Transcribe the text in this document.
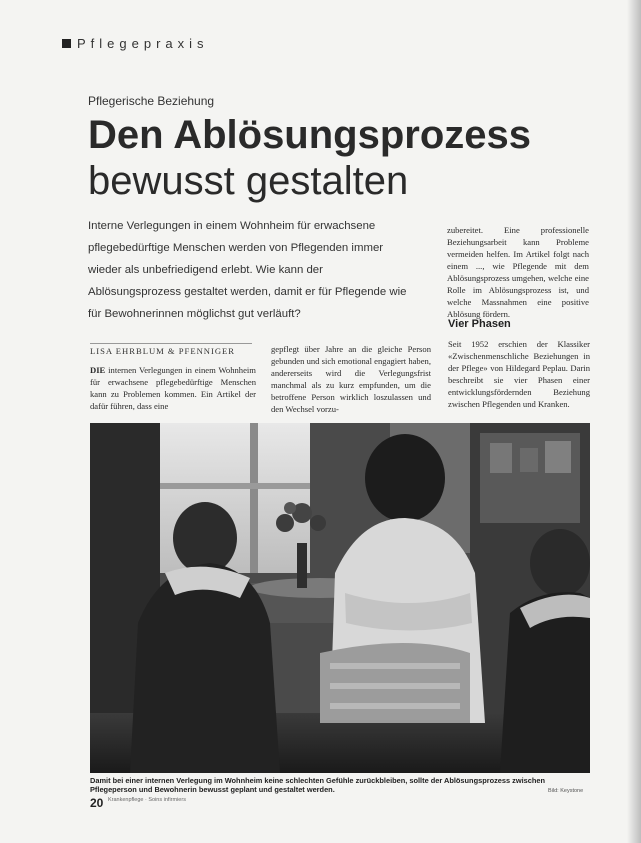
Pflegepraxis
Pflegerische Beziehung
Den Ablösungsprozess
bewusst gestalten
Interne Verlegungen in einem Wohnheim für erwachsene pflegebedürftige Menschen werden von Pflegenden immer wieder als unbefriedigend erlebt. Wie kann der Ablösungsprozess gestaltet werden, damit er für Pflegende wie für Bewohnerinnen möglichst gut verläuft?
zubereitet. Eine professionelle Beziehungsarbeit kann Probleme vermeiden helfen. Im Artikel folgt nach einem ..., wie Pflegende mit dem Ablösungsprozess umgehen, welche eine Rolle im Ablösungsprozess ist, und welche Massnahmen eine positive Ablösung fördern.
Vier Phasen
Seit 1952 erschien der Klassiker «Zwischenmenschliche Beziehungen in der Pflege» von Hildegard Peplau. Darin beschreibt sie vier Phasen einer entwicklungsfördernden Beziehung zwischen Pflegenden und Kranken.
LISA EHRBLUM & PFENNIGER
DIE internen Verlegungen in einem Wohnheim für erwachsene pflegebedürftige Menschen kann zu Problemen kommen. Ein Artikel der dafür führen, dass eine
gepflegt über Jahre an die gleiche Person gebunden und sich emotional engagiert haben, andererseits wird die Verlegungsfrist manchmal als zu kurz empfunden, um die betroffene Person wirklich loszulassen und den Wechsel vorzu-
Damit bei einer internen Verlegung im Wohnheim keine schlechten Gefühle zurückbleiben, sollte der Ablösungsprozess zwischen Pflegeperson und Bewohnerin bewusst geplant und gestaltet werden.	Bild: Keystone
20 Krankenpflege · Soins infirmiers
